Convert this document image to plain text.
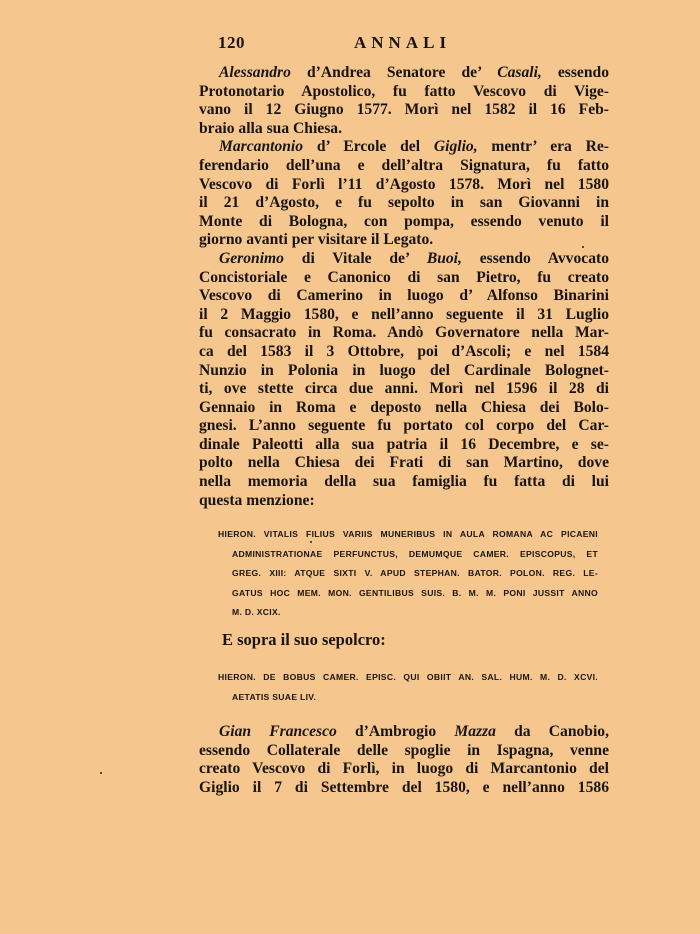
120	ANNALI
Alessandro d’Andrea Senatore de’ Casali, essendo
Protonotario Apostolico, fu fatto Vescovo di Vige-
vano il 12 Giugno 1577. Morì nel 1582 il 16 Feb-
braio alla sua Chiesa.
Marcantonio d’ Ercole del Giglio, mentr’ era Re-
ferendario dell’una e dell’altra Signatura, fu fatto
Vescovo di Forlì l’11 d’Agosto 1578. Morì nel 1580
il 21 d’Agosto, e fu sepolto in san Giovanni in
Monte di Bologna, con pompa, essendo venuto il
giorno avanti per visitare il Legato.
Geronimo di Vitale de’ Buoi, essendo Avvocato
Concistoriale e Canonico di san Pietro, fu creato
Vescovo di Camerino in luogo d’ Alfonso Binarini
il 2 Maggio 1580, e nell’anno seguente il 31 Luglio
fu consacrato in Roma. Andò Governatore nella Mar-
ca del 1583 il 3 Ottobre, poi d’Ascoli; e nel 1584
Nunzio in Polonia in luogo del Cardinale Bolognet-
ti, ove stette circa due anni. Morì nel 1596 il 28 di
Gennaio in Roma e deposto nella Chiesa dei Bolo-
gnesi. L’anno seguente fu portato col corpo del Car-
dinale Paleotti alla sua patria il 16 Decembre, e se-
polto nella Chiesa dei Frati di san Martino, dove
nella memoria della sua famiglia fu fatta di lui
questa menzione:
HIERON. VITALIS FILIUS VARIIS MUNERIBUS IN AULA ROMANA AC PICAENI
ADMINISTRATIONAE PERFUNCTUS, DEMUMQUE CAMER. EPISCOPUS, ET
GREG. XIII: ATQUE SIXTI V. APUD STEPHAN. BATOR. POLON. REG. LE-
GATUS HOC MEM. MON. GENTILIBUS SUIS. B. M. M. PONI JUSSIT ANNO
M. D. XCIX.
E sopra il suo sepolcro:
HIERON. DE BOBUS CAMER. EPISC. QUI OBIIT AN. SAL. HUM. M. D. XCVI.
AETATIS SUAE LIV.
Gian Francesco d’Ambrogio Mazza da Canobio,
essendo Collaterale delle spoglie in Ispagna, venne
creato Vescovo di Forlì, in luogo di Marcantonio del
Giglio il 7 di Settembre del 1580, e nell’anno 1586
